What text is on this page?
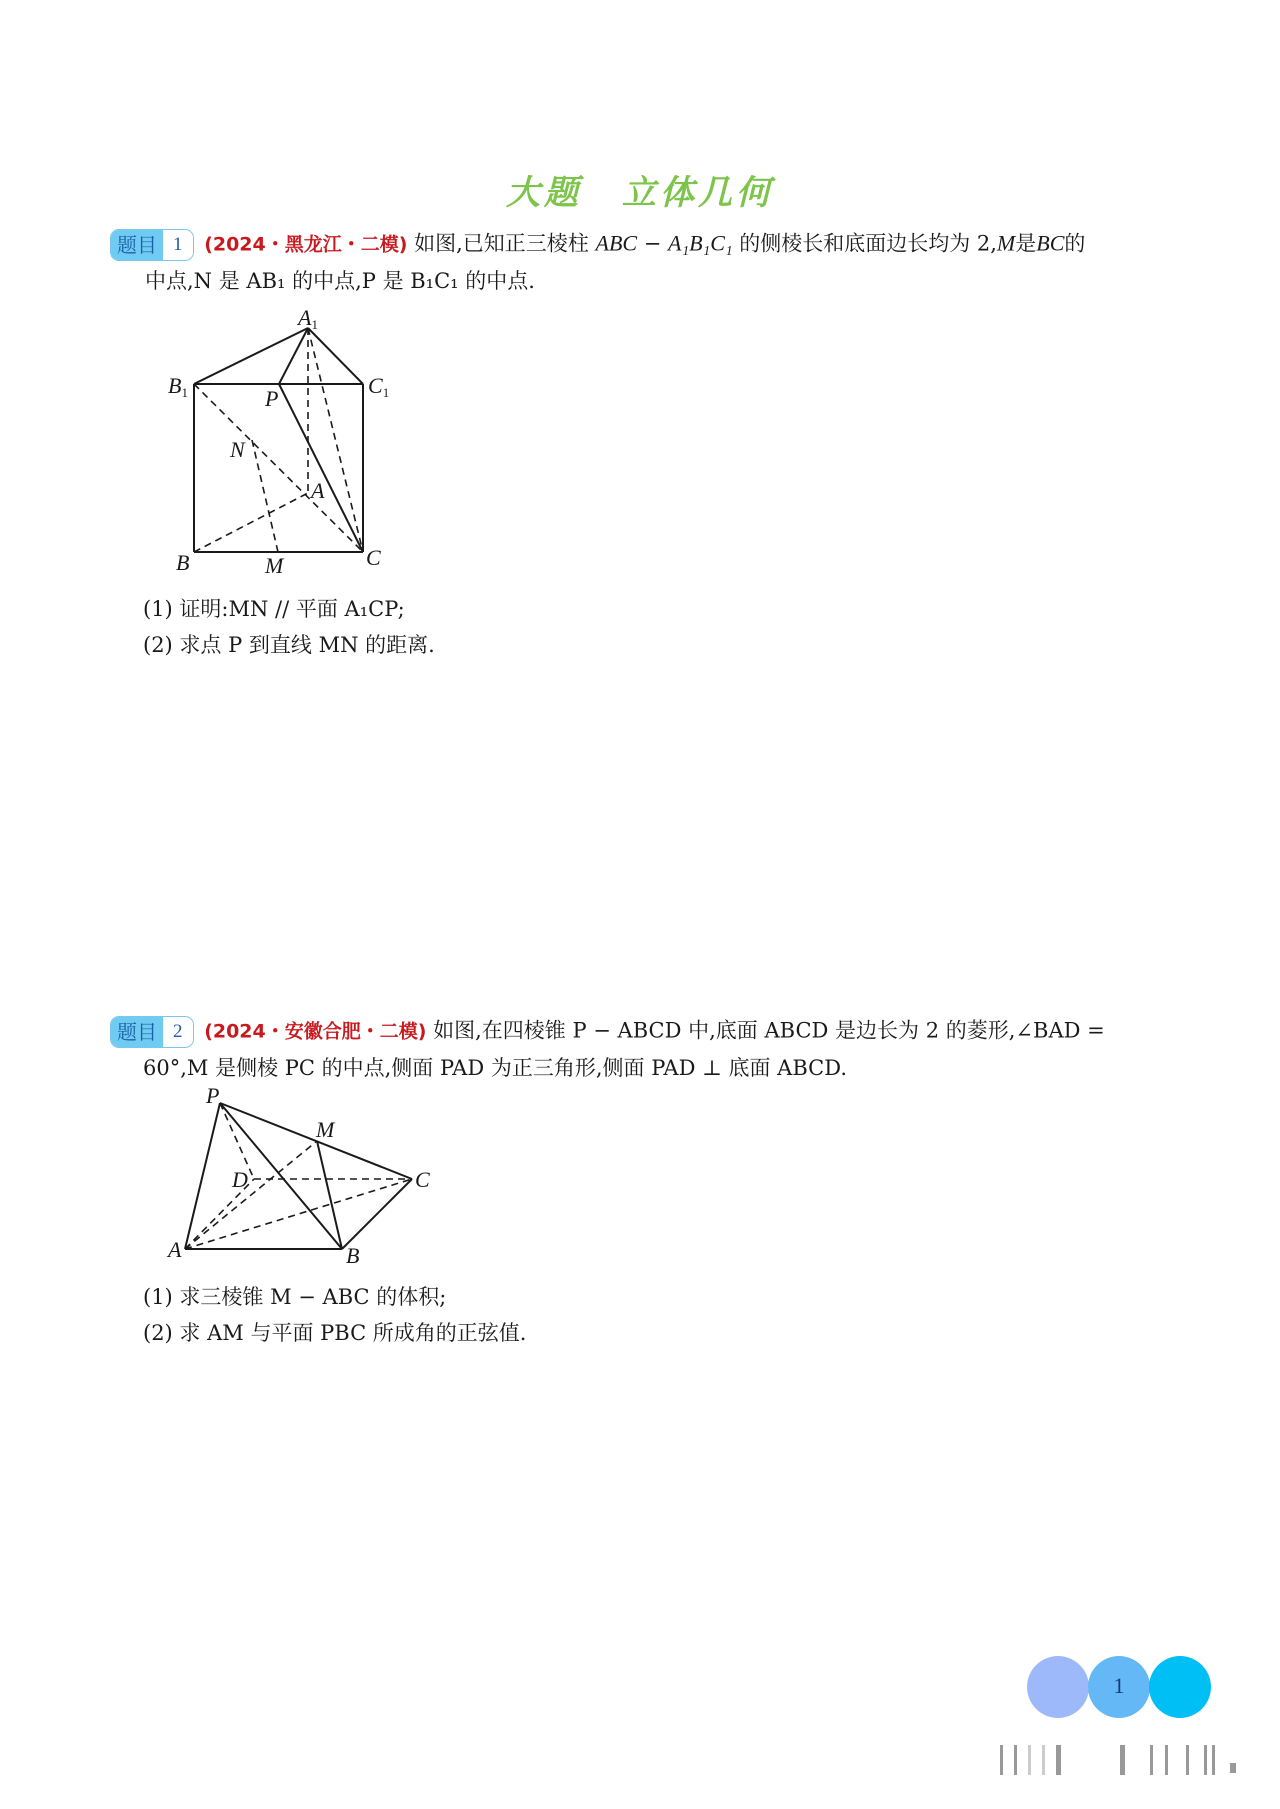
大题 立体几何
题目 1	(2024・黑龙江・二模) 如图,已知正三棱柱 ABC − A₁B₁C₁ 的侧棱长和底面边长均为 2,M是BC的
中点,N 是 AB₁ 的中点,P 是 B₁C₁ 的中点.
A1
B1	C1
P
N
A
B	M	C
(1) 证明:MN // 平面 A₁CP;
(2) 求点 P 到直线 MN 的距离.
题目 2	(2024・安徽合肥・二模) 如图,在四棱锥 P − ABCD 中,底面 ABCD 是边长为 2 的菱形,∠BAD =
60°,M 是侧棱 PC 的中点,侧面 PAD 为正三角形,侧面 PAD ⊥ 底面 ABCD.
P
M
D	C
A	B
(1) 求三棱锥 M − ABC 的体积;
(2) 求 AM 与平面 PBC 所成角的正弦值.
1
